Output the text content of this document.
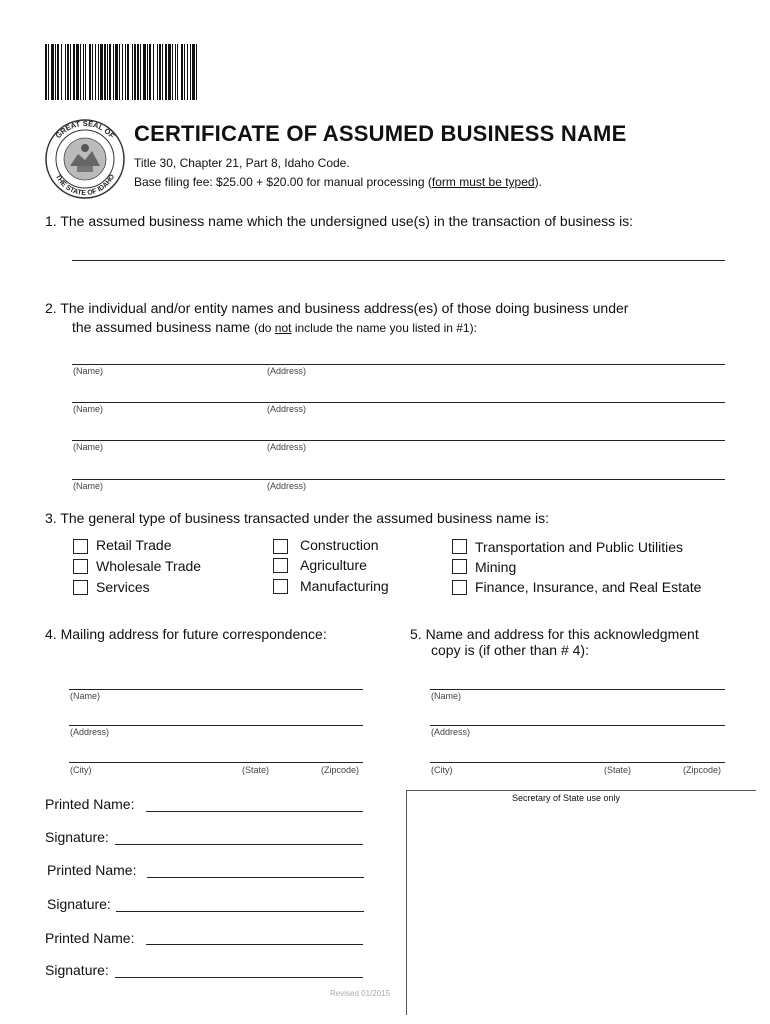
GREAT SEAL OF
THE STATE OF IDAHO
CERTIFICATE OF ASSUMED BUSINESS NAME
Title 30, Chapter 21, Part 8, Idaho Code.
Base filing fee: $25.00 + $20.00 for manual processing (form must be typed).
1. The assumed business name which the undersigned use(s) in the transaction of business is:
2. The individual and/or entity names and business address(es) of those doing business under
the assumed business name (do not include the name you listed in #1):
(Name)	(Address)
(Name)	(Address)
(Name)	(Address)
(Name)	(Address)
3. The general type of business transacted under the assumed business name is:
Retail Trade
Wholesale Trade
Services
Construction
Agriculture
Manufacturing
Transportation and Public Utilities
Mining
Finance, Insurance, and Real Estate
4. Mailing address for future correspondence:
(Name)
(Address)
(City)	(State)	(Zipcode)
5. Name and address for this acknowledgment
copy is (if other than # 4):
(Name)
(Address)
(City)	(State)	(Zipcode)
Printed Name:
Signature:
Printed Name:
Signature:
Printed Name:
Signature:
Secretary of State use only
Revised 01/2015
